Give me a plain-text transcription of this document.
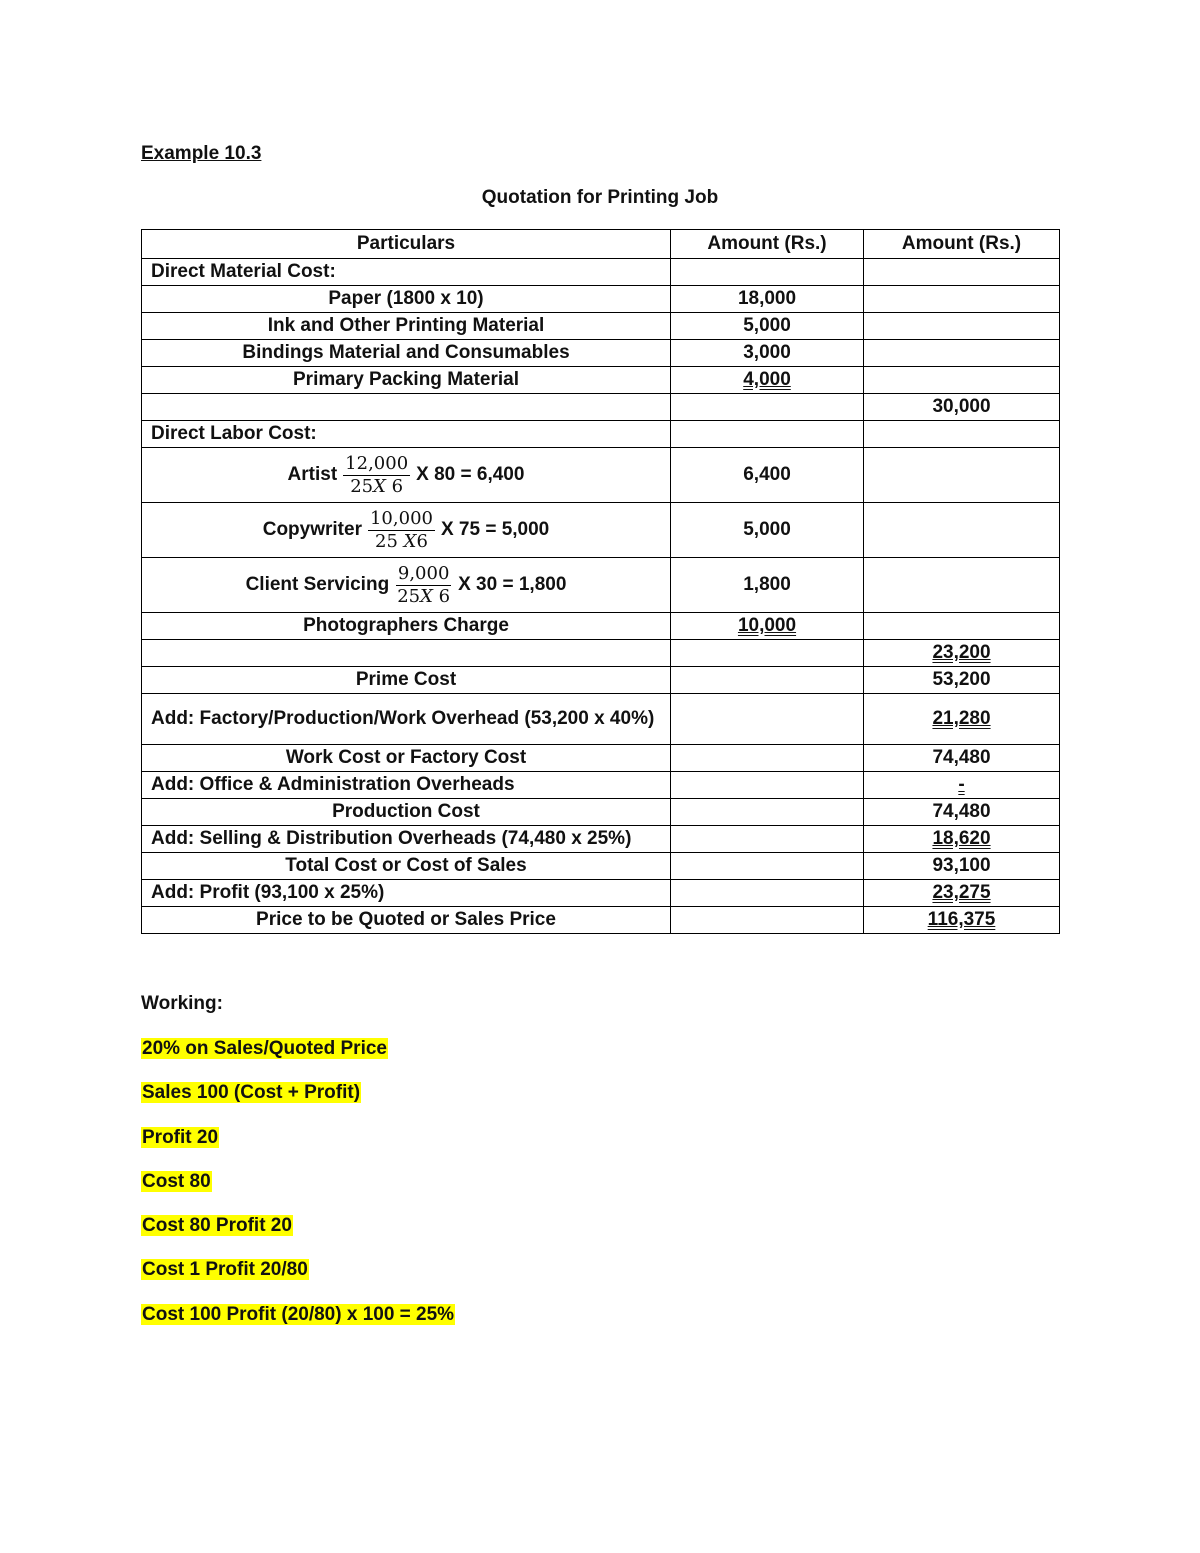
Example 10.3
Quotation for Printing Job
Particulars	Amount (Rs.)	Amount (Rs.)
Direct Material Cost:		
Paper (1800 x 10)	18,000	
Ink and Other Printing Material	5,000	
Bindings Material and Consumables	3,000	
Primary Packing Material	4,000	
		30,000
Direct Labor Cost:		

Artist $\frac{12,000}{25X 6}$ X 80 = 6,400	6,400	

Copywriter $\frac{10,000}{25 X6}$ X 75 = 5,000	5,000	

Client Servicing $\frac{9,000}{25X 6}$ X 30 = 1,800	1,800	
Photographers Charge	10,000	
		23,200
Prime Cost		53,200
Add: Factory/Production/Work Overhead (53,200 x 40%)		21,280
Work Cost or Factory Cost		74,480
Add: Office & Administration Overheads		-
Production Cost		74,480
Add: Selling & Distribution Overheads (74,480 x 25%)		18,620
Total Cost or Cost of Sales		93,100
Add: Profit (93,100 x 25%)		23,275
Price to be Quoted or Sales Price		116,375
Working:
20% on Sales/Quoted Price
Sales 100 (Cost + Profit)
Profit 20
Cost 80
Cost 80 Profit 20
Cost 1 Profit 20/80
Cost 100 Profit (20/80) x 100 = 25%
